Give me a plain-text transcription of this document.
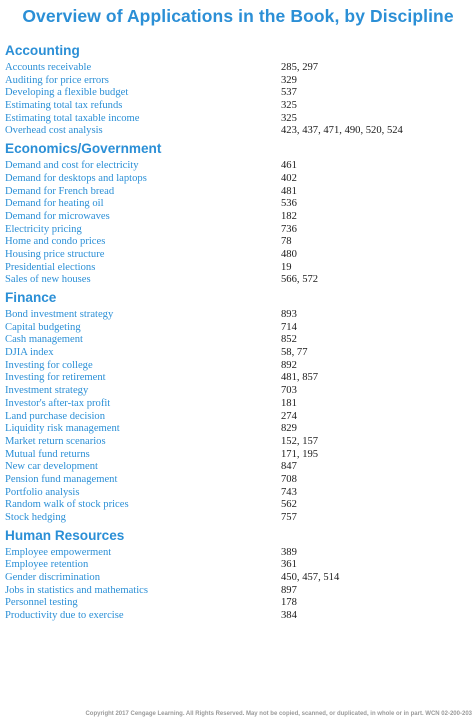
Overview of Applications in the Book, by Discipline
Accounting
Accounts receivable	285, 297
Auditing for price errors	329
Developing a flexible budget	537
Estimating total tax refunds	325
Estimating total taxable income	325
Overhead cost analysis	423, 437, 471, 490, 520, 524
Economics/Government
Demand and cost for electricity	461
Demand for desktops and laptops	402
Demand for French bread	481
Demand for heating oil	536
Demand for microwaves	182
Electricity pricing	736
Home and condo prices	78
Housing price structure	480
Presidential elections	19
Sales of new houses	566, 572
Finance
Bond investment strategy	893
Capital budgeting	714
Cash management	852
DJIA index	58, 77
Investing for college	892
Investing for retirement	481, 857
Investment strategy	703
Investor's after-tax profit	181
Land purchase decision	274
Liquidity risk management	829
Market return scenarios	152, 157
Mutual fund returns	171, 195
New car development	847
Pension fund management	708
Portfolio analysis	743
Random walk of stock prices	562
Stock hedging	757
Human Resources
Employee empowerment	389
Employee retention	361
Gender discrimination	450, 457, 514
Jobs in statistics and mathematics	897
Personnel testing	178
Productivity due to exercise	384
Copyright 2017 Cengage Learning. All Rights Reserved. May not be copied, scanned, or duplicated, in whole or in part. WCN 02-200-203
